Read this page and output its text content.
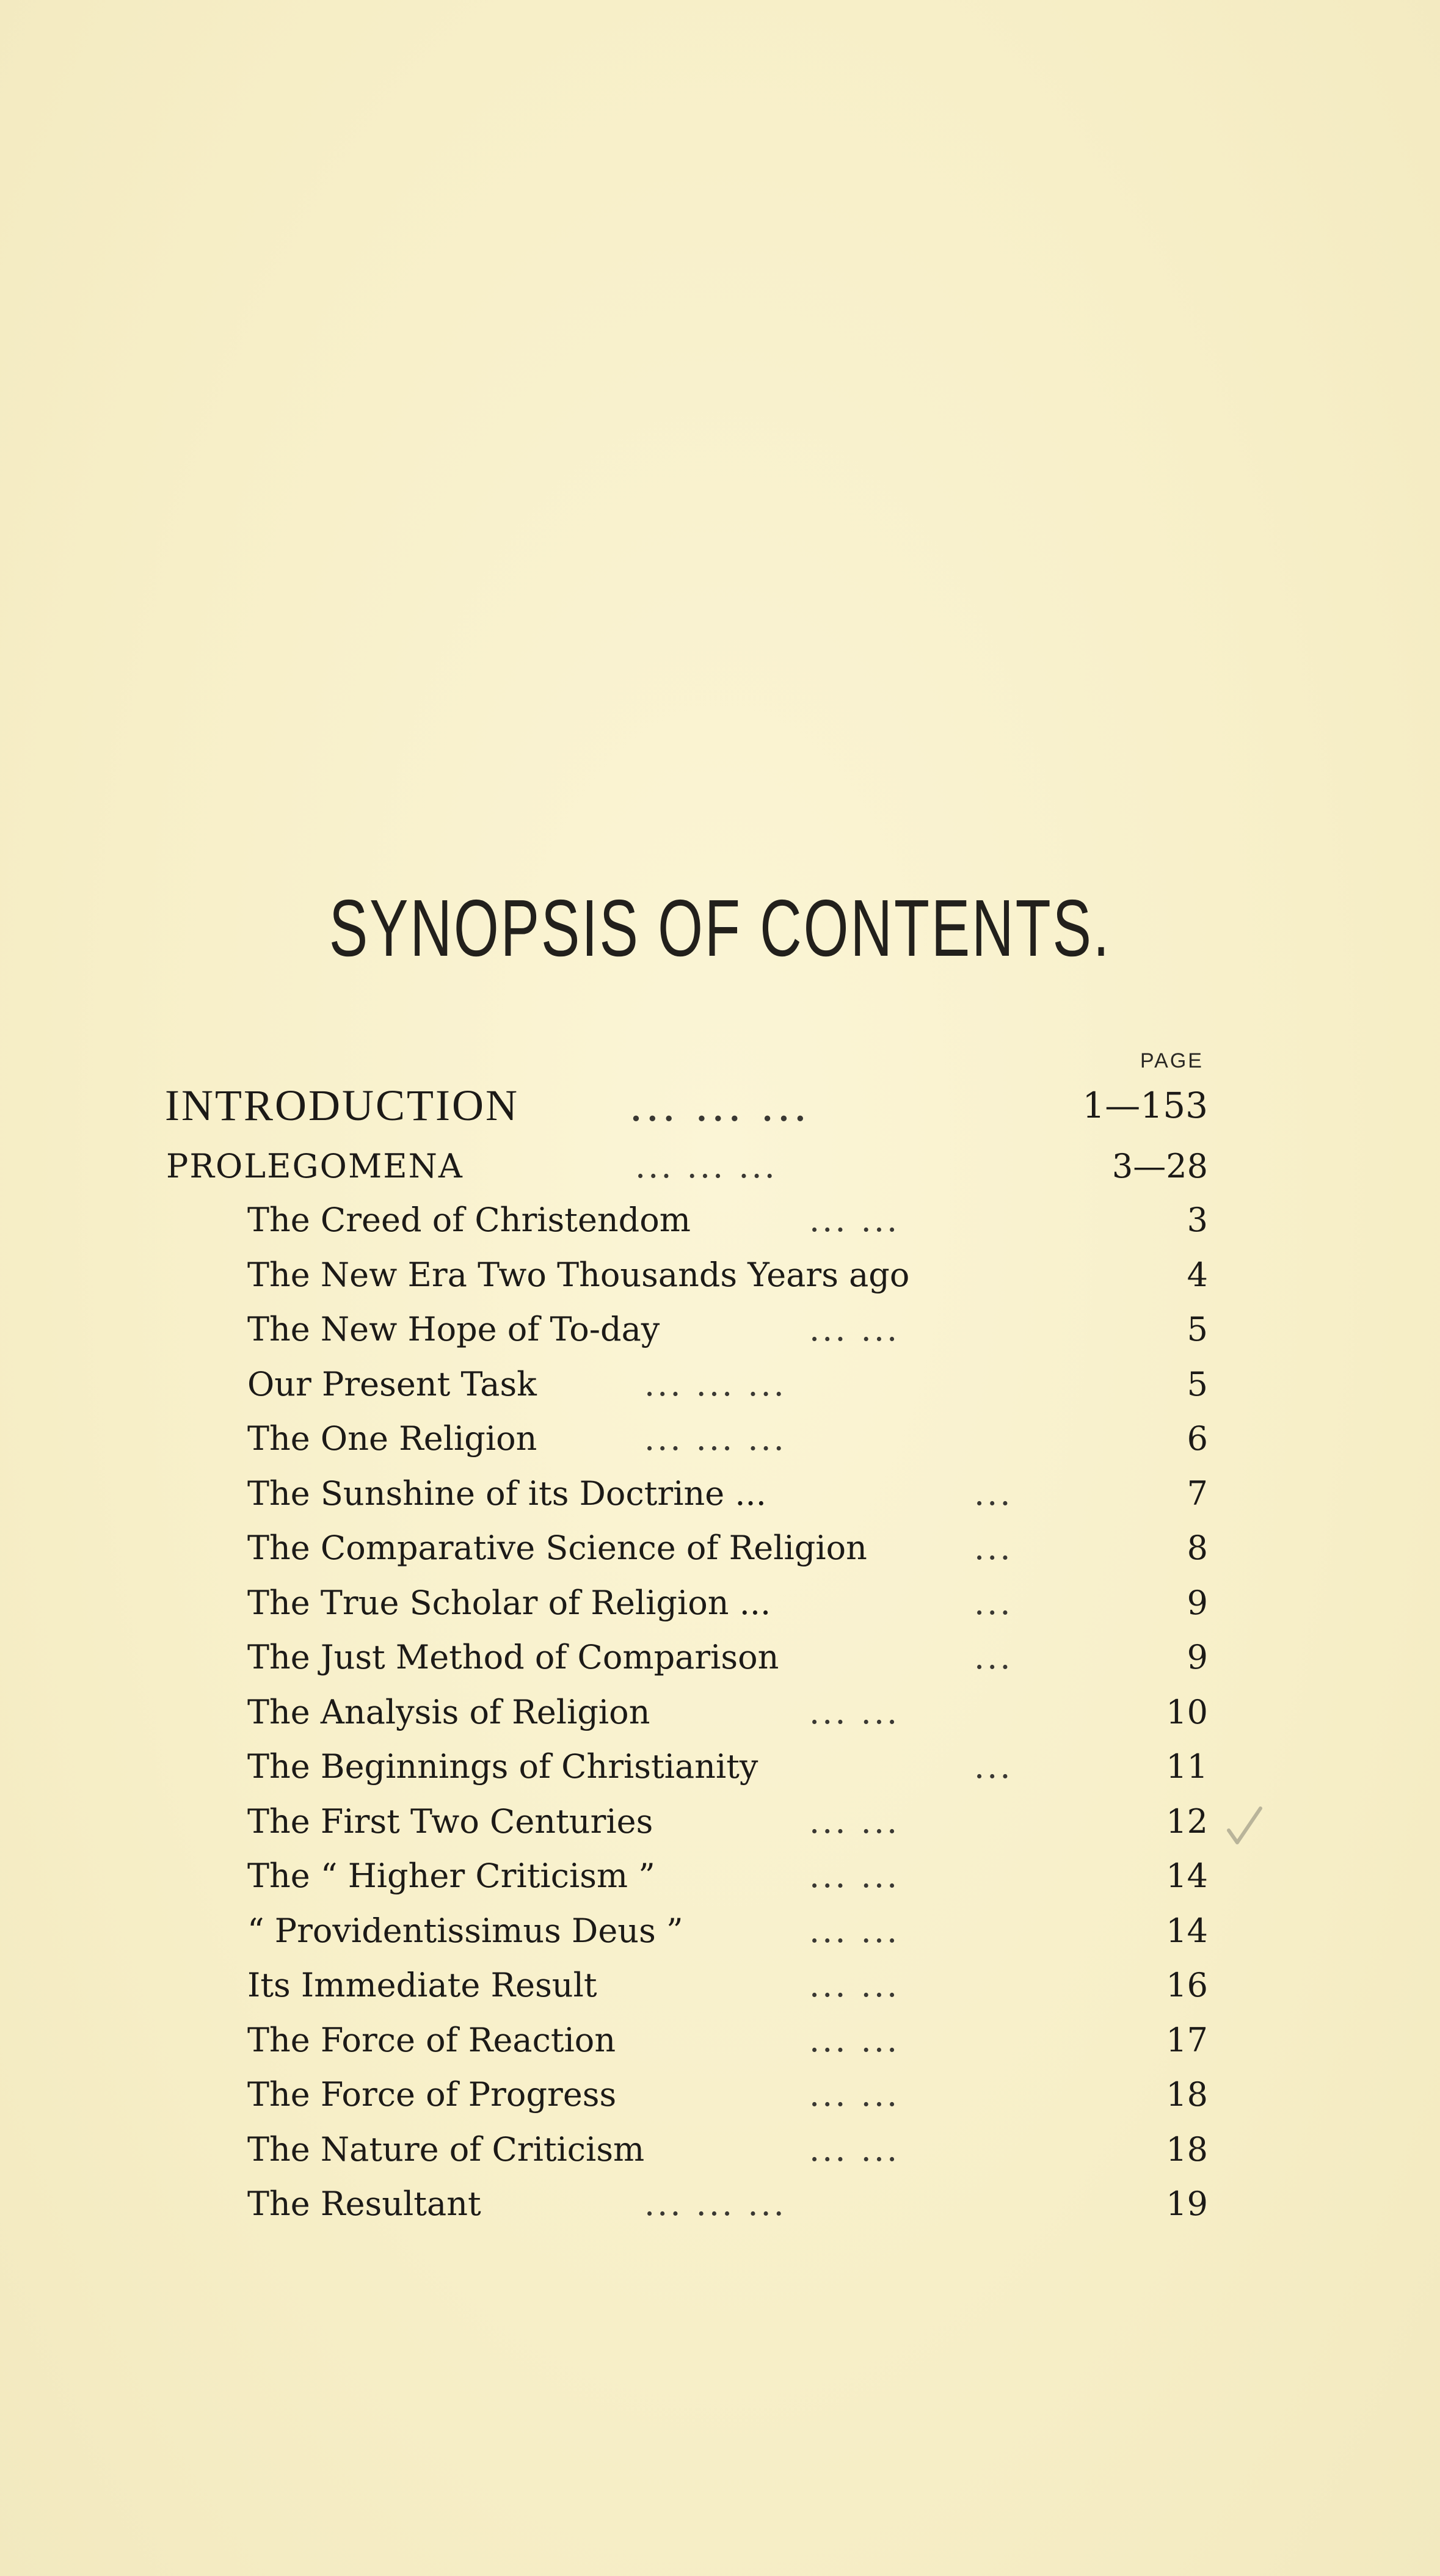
SYNOPSIS OF CONTENTS.
PAGE
INTRODUCTION	... ... ...	1—153
PROLEGOMENA	... ... ...	3—28
The Creed of Christendom	... ...	3
The New Era Two Thousands Years ago	4
The New Hope of To-day	... ...	5
Our Present Task	... ... ...	5
The One Religion	... ... ...	6
The Sunshine of its Doctrine ...	...	7
The Comparative Science of Religion	...	8
The True Scholar of Religion ...	...	9
The Just Method of Comparison	...	9
The Analysis of Religion	... ...	10
The Beginnings of Christianity	...	11
The First Two Centuries	... ...	12
The “ Higher Criticism ”	... ...	14
“ Providentissimus Deus ”	... ...	14
Its Immediate Result	... ...	16
The Force of Reaction	... ...	17
The Force of Progress	... ...	18
The Nature of Criticism	... ...	18
The Resultant	... ... ...	19
